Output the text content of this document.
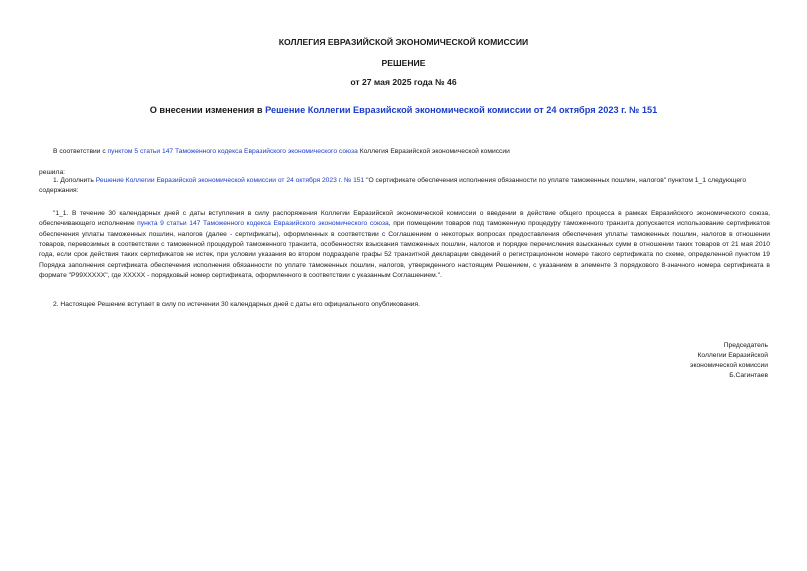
КОЛЛЕГИЯ ЕВРАЗИЙСКОЙ ЭКОНОМИЧЕСКОЙ КОМИССИИ
РЕШЕНИЕ
от 27 мая 2025 года № 46
О внесении изменения в Решение Коллегии Евразийской экономической комиссии от 24 октября 2023 г. № 151

В соответствии с пунктом 5 статьи 147 Таможенного кодекса Евразийского экономического союза Коллегия Евразийской экономической комиссии

решила:

1. Дополнить Решение Коллегии Евразийской экономической комиссии от 24 октября 2023 г. № 151 "О сертификате обеспечения исполнения обязанности по уплате таможенных пошлин, налогов" пунктом 1_1 следующего содержания:

"1_1. В течение 30 календарных дней с даты вступления в силу распоряжения Коллегии Евразийской экономической комиссии о введении в действие общего процесса в рамках Евразийского экономического союза, обеспечивающего исполнение пункта 9 статьи 147 Таможенного кодекса Евразийского экономического союза, при помещении товаров под таможенную процедуру таможенного транзита допускается использование сертификатов обеспечения уплаты таможенных пошлин, налогов (далее - сертификаты), оформленных в соответствии с Соглашением о некоторых вопросах предоставления обеспечения уплаты таможенных пошлин, налогов в отношении товаров, перевозимых в соответствии с таможенной процедурой таможенного транзита, особенностях взыскания таможенных пошлин, налогов и порядке перечисления взысканных сумм в отношении таких товаров от 21 мая 2010 года, если срок действия таких сертификатов не истек, при условии указания во втором подразделе графы 52 транзитной декларации сведений о регистрационном номере такого сертификата по схеме, определенной пунктом 19 Порядка заполнения сертификата обеспечения исполнения обязанности по уплате таможенных пошлин, налогов, утвержденного настоящим Решением, с указанием в элементе 3 порядкового 8-значного номера сертификата в формате "Р99XXXXX", где XXXXX - порядковый номер сертификата, оформленного в соответствии с указанным Соглашением.".

2. Настоящее Решение вступает в силу по истечении 30 календарных дней с даты его официального опубликования.

Председатель
Коллегии Евразийской
экономической комиссии
Б.Сагинтаев
